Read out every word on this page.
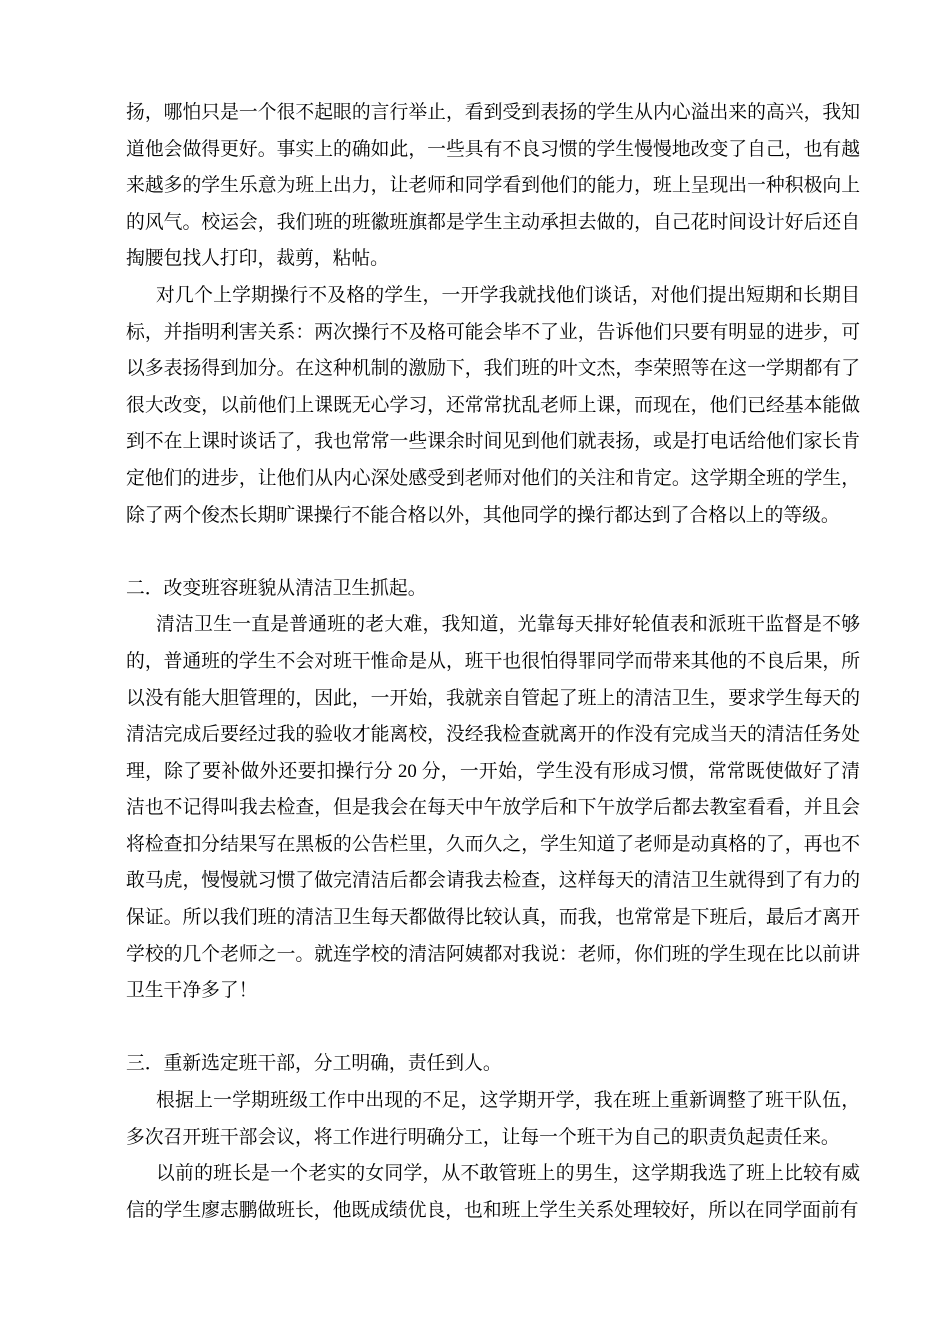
扬，哪怕只是一个很不起眼的言行举止，看到受到表扬的学生从内心溢出来的高兴，我知道他会做得更好。事实上的确如此，一些具有不良习惯的学生慢慢地改变了自己，也有越来越多的学生乐意为班上出力，让老师和同学看到他们的能力，班上呈现出一种积极向上的风气。校运会，我们班的班徽班旗都是学生主动承担去做的，自己花时间设计好后还自掏腰包找人打印，裁剪，粘帖。

对几个上学期操行不及格的学生，一开学我就找他们谈话，对他们提出短期和长期目标，并指明利害关系：两次操行不及格可能会毕不了业，告诉他们只要有明显的进步，可以多表扬得到加分。在这种机制的激励下，我们班的叶文杰，李荣照等在这一学期都有了很大改变，以前他们上课既无心学习，还常常扰乱老师上课，而现在，他们已经基本能做到不在上课时谈话了，我也常常一些课余时间见到他们就表扬，或是打电话给他们家长肯定他们的进步，让他们从内心深处感受到老师对他们的关注和肯定。这学期全班的学生，除了两个俊杰长期旷课操行不能合格以外，其他同学的操行都达到了合格以上的等级。

二．改变班容班貌从清洁卫生抓起。

清洁卫生一直是普通班的老大难，我知道，光靠每天排好轮值表和派班干监督是不够的，普通班的学生不会对班干惟命是从，班干也很怕得罪同学而带来其他的不良后果，所以没有能大胆管理的，因此，一开始，我就亲自管起了班上的清洁卫生，要求学生每天的清洁完成后要经过我的验收才能离校，没经我检查就离开的作没有完成当天的清洁任务处理，除了要补做外还要扣操行分 20 分，一开始，学生没有形成习惯，常常既使做好了清洁也不记得叫我去检查，但是我会在每天中午放学后和下午放学后都去教室看看，并且会将检查扣分结果写在黑板的公告栏里，久而久之，学生知道了老师是动真格的了，再也不敢马虎，慢慢就习惯了做完清洁后都会请我去检查，这样每天的清洁卫生就得到了有力的保证。所以我们班的清洁卫生每天都做得比较认真，而我，也常常是下班后，最后才离开学校的几个老师之一。就连学校的清洁阿姨都对我说：老师，你们班的学生现在比以前讲卫生干净多了！

三．重新选定班干部，分工明确，责任到人。

根据上一学期班级工作中出现的不足，这学期开学，我在班上重新调整了班干队伍，多次召开班干部会议，将工作进行明确分工，让每一个班干为自己的职责负起责任来。

以前的班长是一个老实的女同学，从不敢管班上的男生，这学期我选了班上比较有威信的学生廖志鹏做班长，他既成绩优良，也和班上学生关系处理较好，所以在同学面前有
